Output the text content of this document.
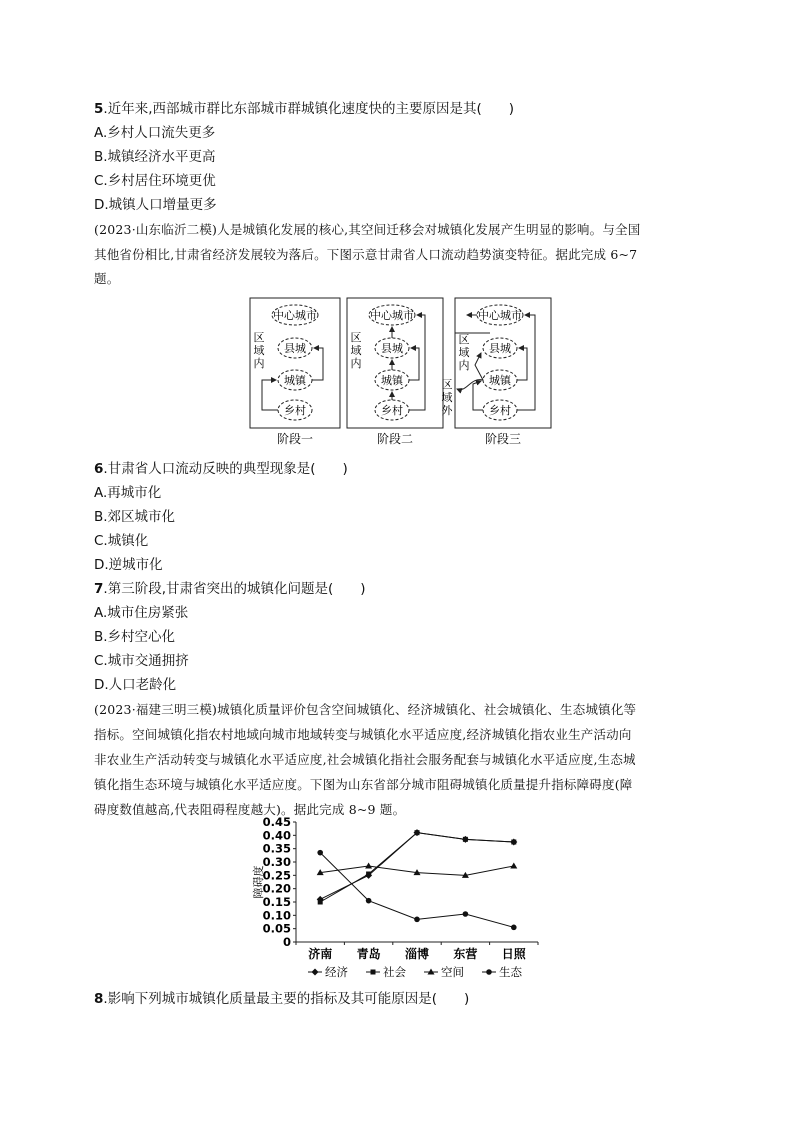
5.近年来,西部城市群比东部城市群城镇化速度快的主要原因是其(　　)
A.乡村人口流失更多
B.城镇经济水平更高
C.乡村居住环境更优
D.城镇人口增量更多
(2023·山东临沂二模)人是城镇化发展的核心,其空间迁移会对城镇化发展产生明显的影响。与全国
其他省份相比,甘肃省经济发展较为落后。下图示意甘肃省人口流动趋势演变特征。据此完成 6~7
题。
中心城市
县城
城镇
乡村
区
域
内
阶段一
中心城市
县城
城镇
乡村
区
域
内
阶段二
中心城市
县城
城镇
乡村
区
域
内
区
域
外
阶段三
6.甘肃省人口流动反映的典型现象是(　　)
A.再城市化
B.郊区城市化
C.城镇化
D.逆城市化
7.第三阶段,甘肃省突出的城镇化问题是(　　)
A.城市住房紧张
B.乡村空心化
C.城市交通拥挤
D.人口老龄化
(2023·福建三明三模)城镇化质量评价包含空间城镇化、经济城镇化、社会城镇化、生态城镇化等
指标。空间城镇化指农村地域向城市地域转变与城镇化水平适应度,经济城镇化指农业生产活动向
非农业生产活动转变与城镇化水平适应度,社会城镇化指社会服务配套与城镇化水平适应度,生态城
镇化指生态环境与城镇化水平适应度。下图为山东省部分城市阻碍城镇化质量提升指标障碍度(障
碍度数值越高,代表阻碍程度越大)。据此完成 8~9 题。
0
0.05
0.10
0.15
0.20
0.25
0.30
0.35
0.40
0.45
济南 青岛 淄博 东营 日照
障碍度
经济	社会	空间	生态
8.影响下列城市城镇化质量最主要的指标及其可能原因是(　　)
